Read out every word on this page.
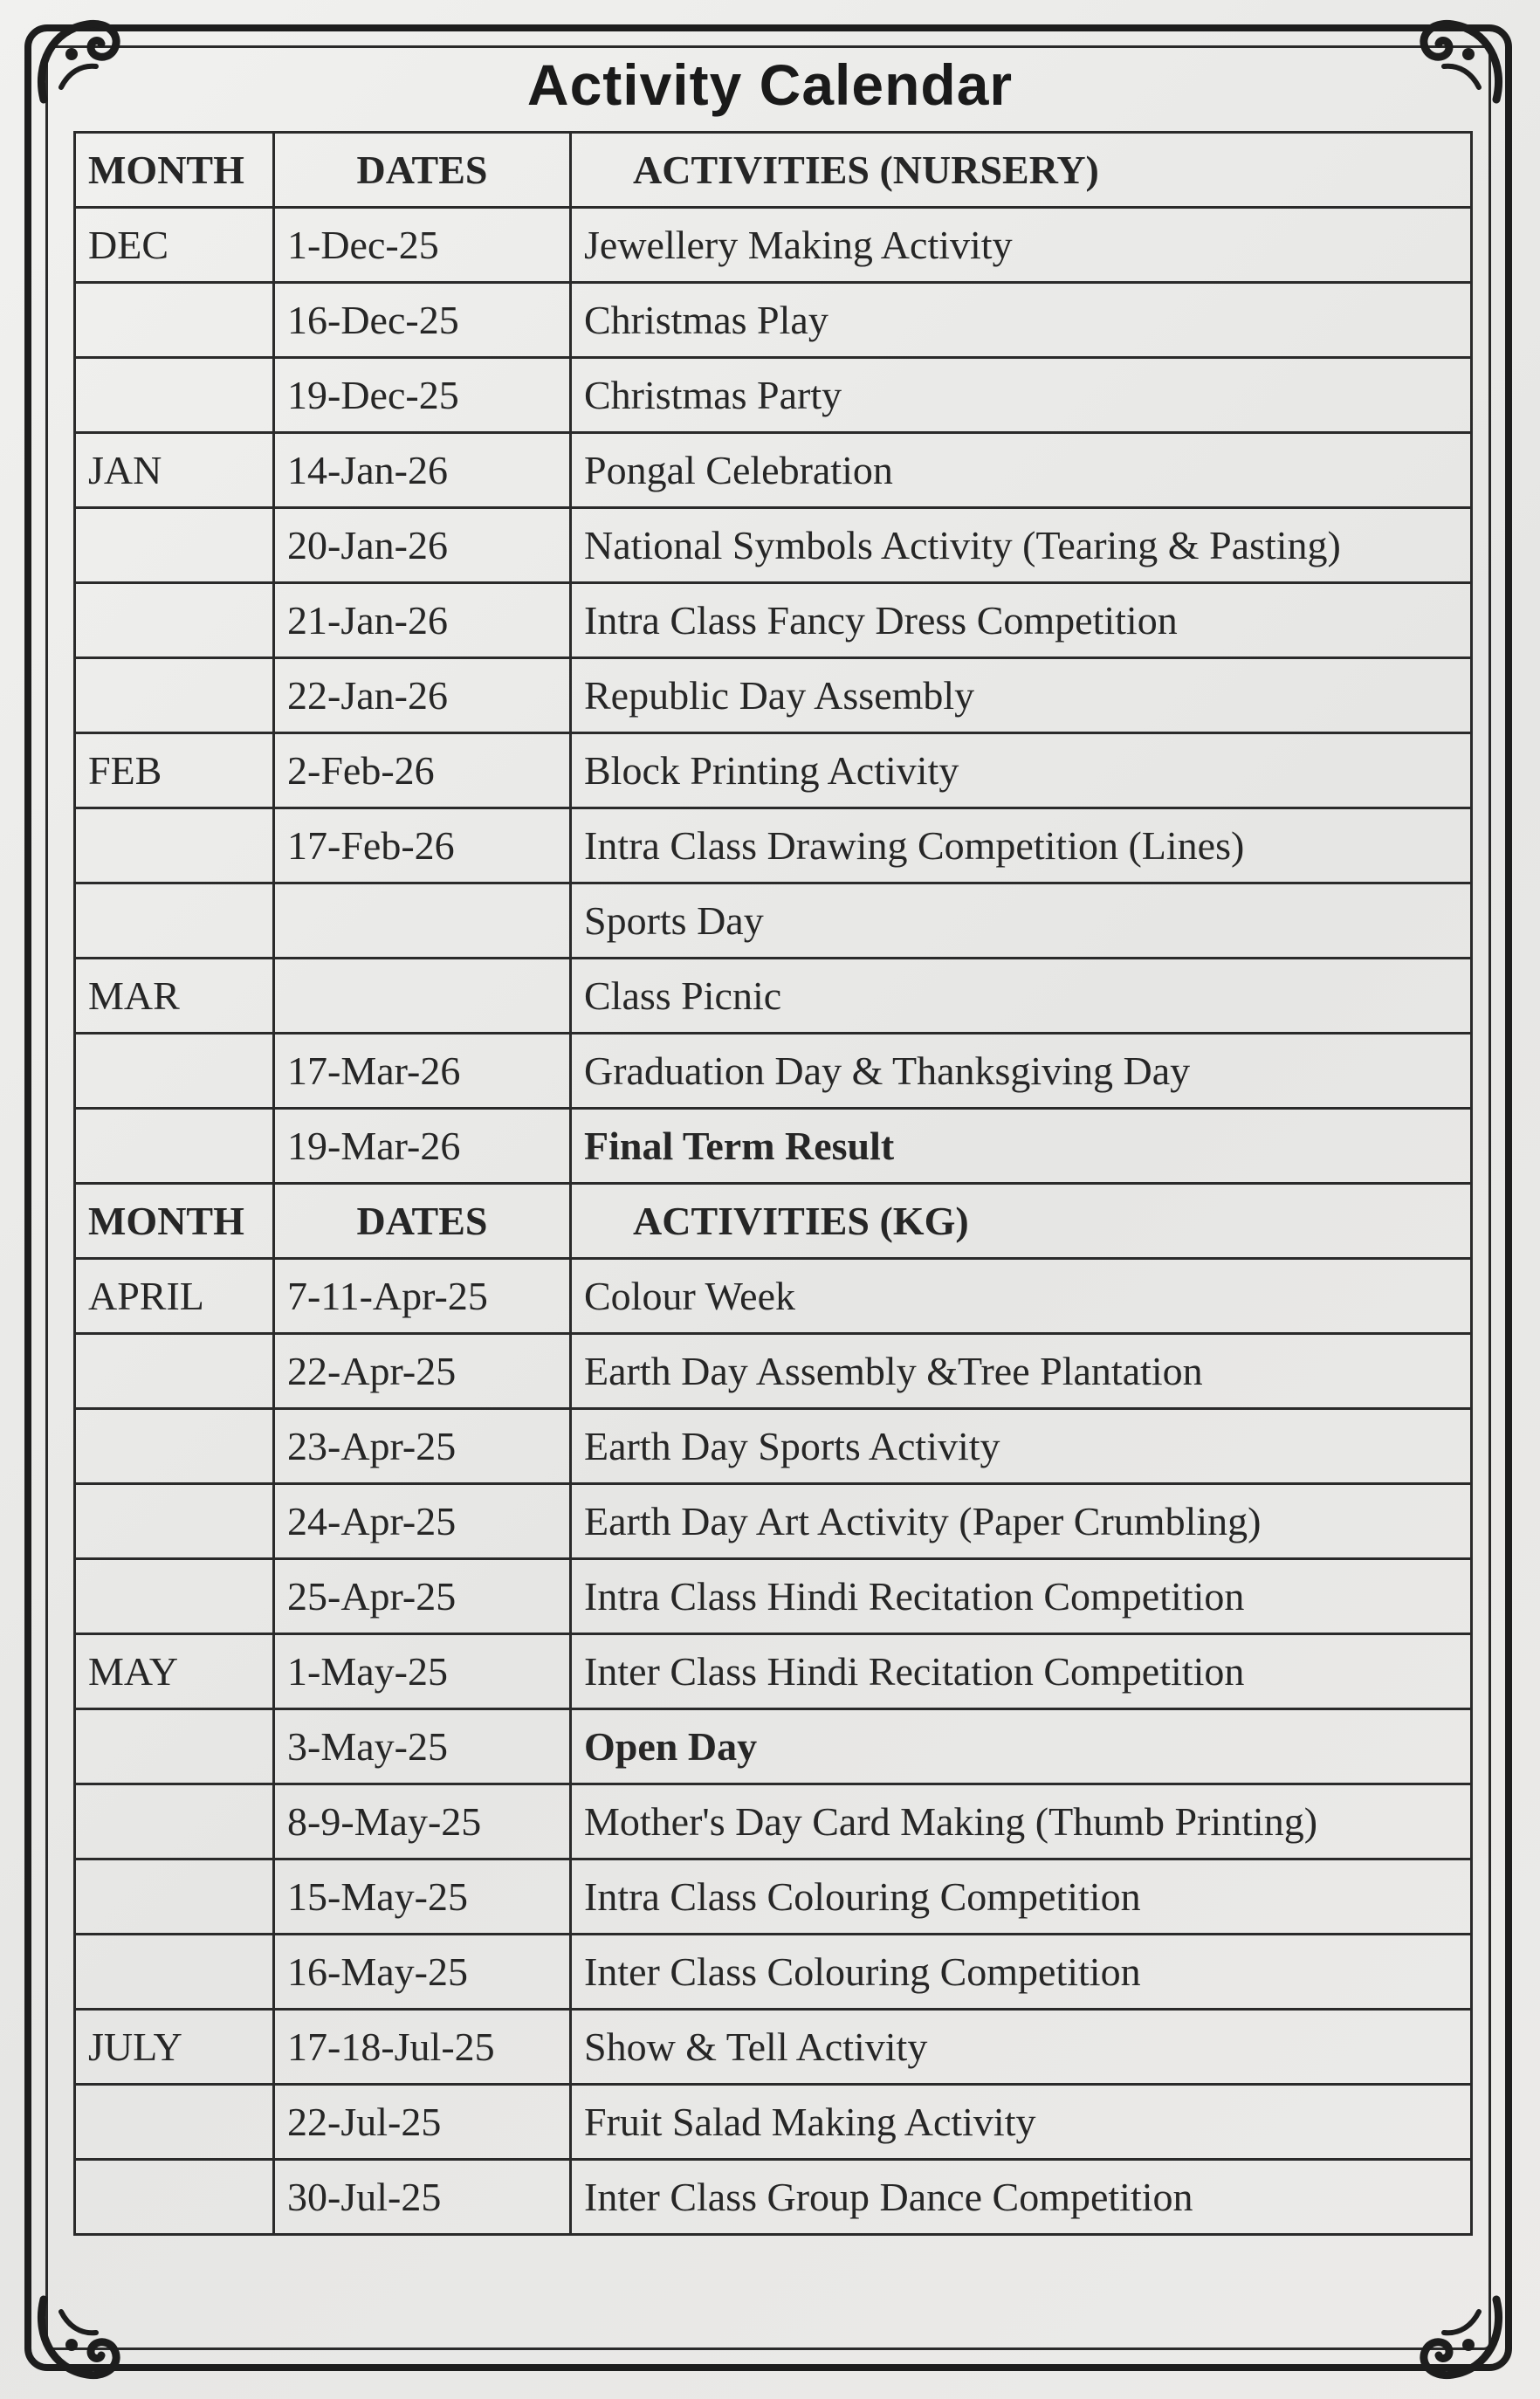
Activity Calendar
MONTH	DATES	ACTIVITIES (NURSERY)
DEC	1-Dec-25	Jewellery Making Activity
	16-Dec-25	Christmas Play
	19-Dec-25	Christmas Party
JAN	14-Jan-26	Pongal Celebration
	20-Jan-26	National Symbols Activity (Tearing & Pasting)
	21-Jan-26	Intra Class Fancy Dress Competition
	22-Jan-26	Republic Day Assembly
FEB	2-Feb-26	Block Printing Activity
	17-Feb-26	Intra Class Drawing Competition (Lines)
		Sports Day
MAR		Class Picnic
	17-Mar-26	Graduation Day & Thanksgiving Day
	19-Mar-26	Final Term Result
MONTH	DATES	ACTIVITIES (KG)
APRIL	7-11-Apr-25	Colour Week
	22-Apr-25	Earth Day Assembly &Tree Plantation
	23-Apr-25	Earth Day Sports Activity
	24-Apr-25	Earth Day Art Activity (Paper Crumbling)
	25-Apr-25	Intra Class Hindi Recitation Competition
MAY	1-May-25	Inter Class Hindi Recitation Competition
	3-May-25	Open Day
	8-9-May-25	Mother's Day Card Making (Thumb Printing)
	15-May-25	Intra Class Colouring Competition
	16-May-25	Inter Class Colouring Competition
JULY	17-18-Jul-25	Show & Tell Activity
	22-Jul-25	Fruit Salad Making Activity
	30-Jul-25	Inter Class Group Dance Competition
